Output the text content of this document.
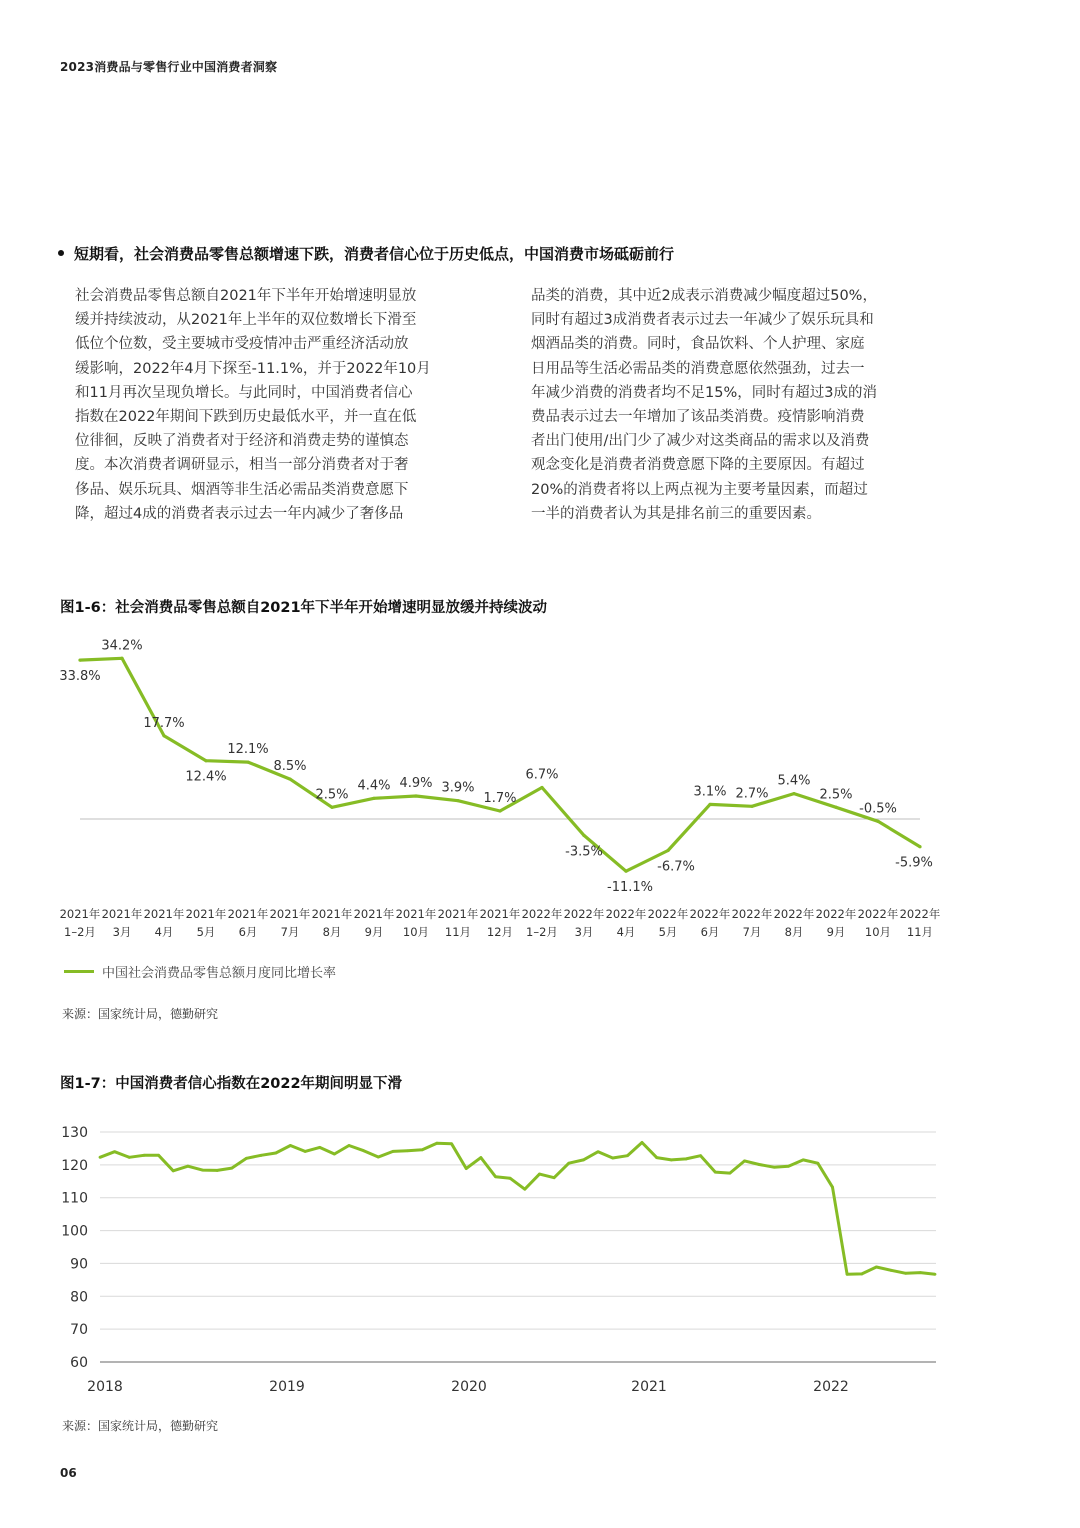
2023消费品与零售行业中国消费者洞察
短期看，社会消费品零售总额增速下跌，消费者信心位于历史低点，中国消费市场砥砺前行
社会消费品零售总额自2021年下半年开始增速明显放
缓并持续波动，从2021年上半年的双位数增长下滑至
低位个位数，受主要城市受疫情冲击严重经济活动放
缓影响，2022年4月下探至-11.1%，并于2022年10月
和11月再次呈现负增长。与此同时，中国消费者信心
指数在2022年期间下跌到历史最低水平，并一直在低
位徘徊，反映了消费者对于经济和消费走势的谨慎态
度。本次消费者调研显示，相当一部分消费者对于奢
侈品、娱乐玩具、烟酒等非生活必需品类消费意愿下
降，超过4成的消费者表示过去一年内减少了奢侈品
品类的消费，其中近2成表示消费减少幅度超过50%，
同时有超过3成消费者表示过去一年减少了娱乐玩具和
烟酒品类的消费。同时，食品饮料、个人护理、家庭
日用品等生活必需品类的消费意愿依然强劲，过去一
年减少消费的消费者均不足15%，同时有超过3成的消
费品表示过去一年增加了该品类消费。疫情影响消费
者出门使用/出门少了减少对这类商品的需求以及消费
观念变化是消费者消费意愿下降的主要原因。有超过
20%的消费者将以上两点视为主要考量因素，而超过
一半的消费者认为其是排名前三的重要因素。
图1-6：社会消费品零售总额自2021年下半年开始增速明显放缓并持续波动
33.8%
34.2%
17.7%
12.4%
12.1%
8.5%
2.5%
4.4% 4.9% 3.9%
1.7%
6.7%
-3.5%
-11.1%
-6.7%
3.1% 2.7%
5.4%
2.5%
-0.5%
-5.9%
2021年
1–2月
2021年
3月
2021年
4月
2021年
5月
2021年
6月
2021年
7月
2021年
8月
2021年
9月
2021年
10月
2021年
11月
2021年
12月
2022年
1–2月
2022年
3月
2022年
4月
2022年
5月
2022年
6月
2022年
7月
2022年
8月
2022年
9月
2022年
10月
2022年
11月
中国社会消费品零售总额月度同比增长率
来源：国家统计局，德勤研究
图1-7：中国消费者信心指数在2022年期间明显下滑
130
120
110
100
90
80
70
60
2018	2019	2020	2021	2022
来源：国家统计局，德勤研究
06
